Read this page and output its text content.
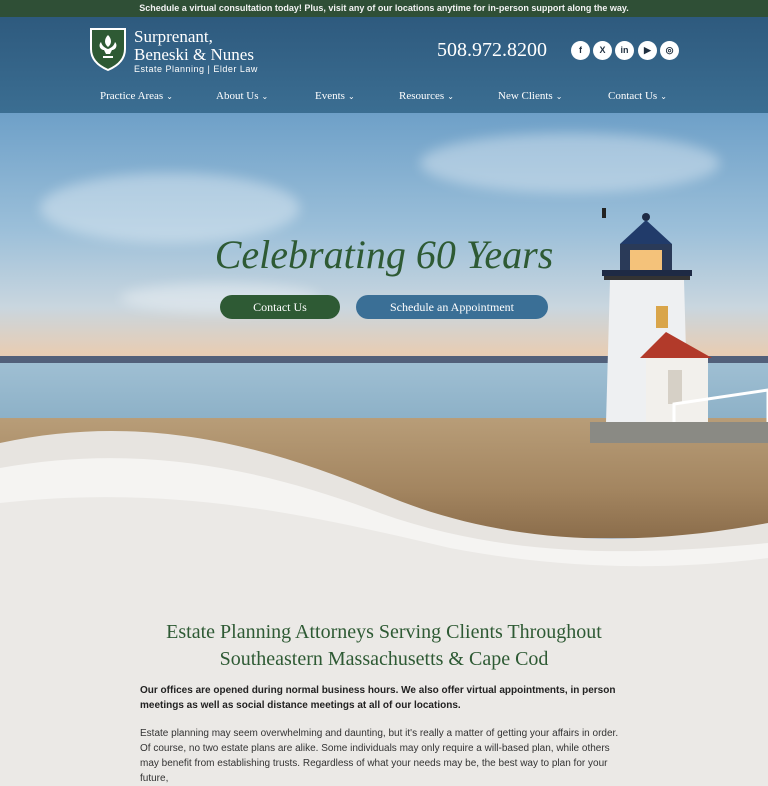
Schedule a virtual consultation today! Plus, visit any of our locations anytime for in-person support along the way.
Surprenant,
Beneski & Nunes
Estate Planning | Elder Law
508.972.8200	f	X	in	▶	◎
Practice Areas ⌄	About Us ⌄	Events ⌄	Resources ⌄	New Clients ⌄	Contact Us ⌄
Celebrating 60 Years
Contact Us	Schedule an Appointment
Estate Planning Attorneys Serving Clients Throughout
Southeastern Massachusetts & Cape Cod

Our offices are opened during normal business hours. We also offer virtual appointments, in person meetings as well as social distance meetings at all of our locations.

Estate planning may seem overwhelming and daunting, but it's really a matter of getting your affairs in order. Of course, no two estate plans are alike. Some individuals may only require a will-based plan, while others may benefit from establishing trusts. Regardless of what your needs may be, the best way to plan for your future,
